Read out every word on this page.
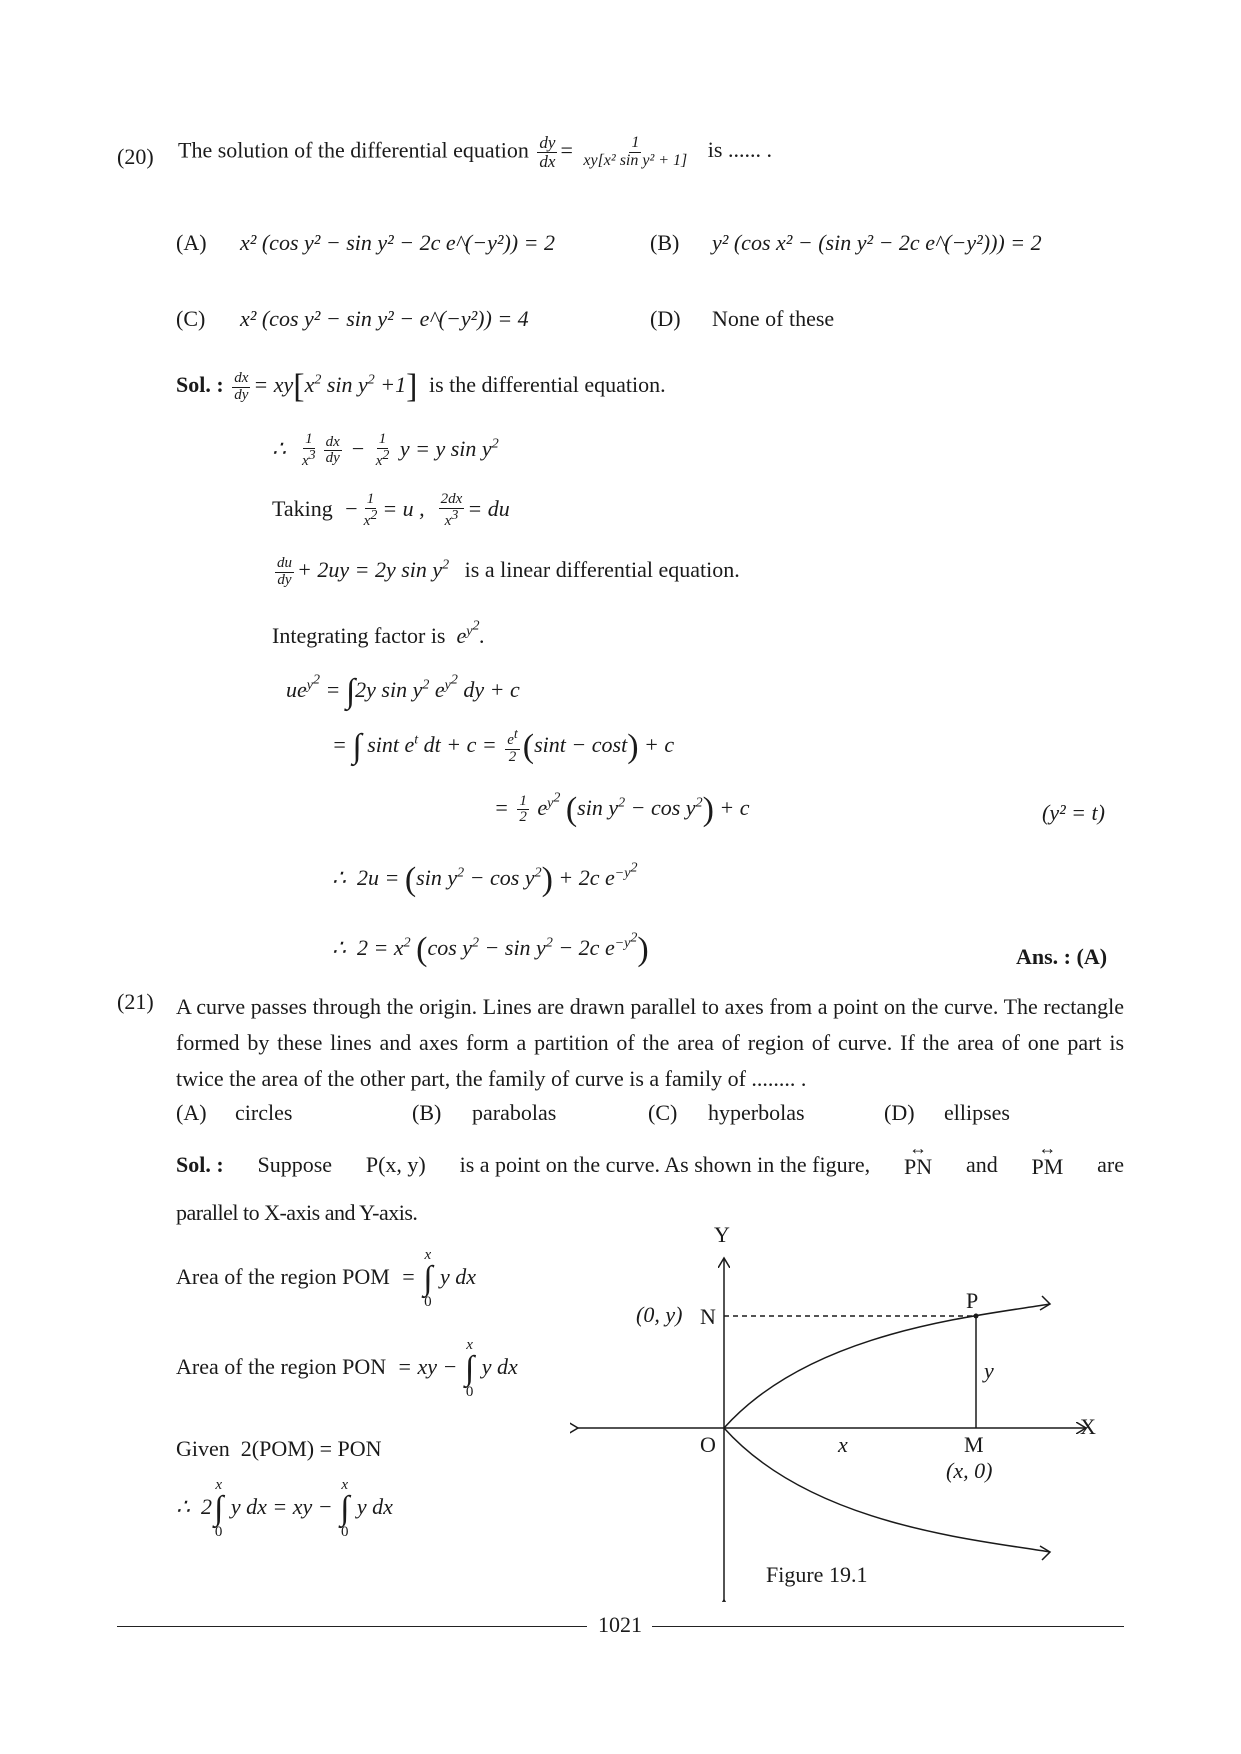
(20) The solution of the differential equation $\frac{dy}{dx} = \frac{1}{\text{xy[x² sin y² + 1]}}$ is ...... .
(A) x² (cos y² − sin y² − 2c e^(−y²)) = 2	(B) y² (cos x² − (sin y² − 2c e^(−y²))) = 2
(C) x² (cos y² − sin y² − e^(−y²)) = 4	(D) None of these
Sol. : $\frac{dx}{dy} = xy[x^2$ $\sin y^2 +1$] is the differential equation.
∴ $\frac{1}{x^3} \frac{dx}{dy} - \frac{1}{x^2}$ y = y $\sin y^2$
Taking  − $\frac{1}{x^2} = u$ , $\frac{2dx}{x^3}$ = du
$\frac{du}{dy} + 2uy = 2y$ $\sin y^2$ is a linear differential equation.
Integrating factor is  $e^{y^2}$.
$ue^{y^2} = \int 2y$ $\sin y^2$ $e^{y^2}$ dy + c
= ∫ sint $e^t$ dt + $c = \frac{e^t}{2} (\sin t - \cos t) + c$
= $\frac{1}{2} e^{y^2}$ (sin $y^2 - \cos y^2) + c$	(y² = t)
∴  2u = (sin $y^2 - \cos y^2) + 2c$ $e^{-y^2}$
∴  $2 = x^2$ (cos $y^2 - \sin y^2 - 2c$ $e^{-y^2}$)	Ans. : (A)
(21) A curve passes through the origin. Lines are drawn parallel to axes from a point on the curve. The rectangle formed by these lines and axes form a partition of the area of region of curve. If the area of one part is twice the area of the other part, the family of curve is a family of ........ .
(A) circles	(B) parabolas	(C) hyperbolas	(D) ellipses
Sol. : Suppose P(x, y) is a point on the curve. As shown in the figure,
↔
PN and
↔
PM are
parallel to X-axis and Y-axis.
Area of the region POM  =
x
∫
0
y dx
Area of the region PON  = xy −
x
∫
0
y dx
Given 2(POM) = PON
∴  2
x
∫
0
y dx = xy −
x
∫
0
y dx
Y
X
O
N
(0, y)
P
M
(x, 0)
x
y
Figure 19.1
1021
